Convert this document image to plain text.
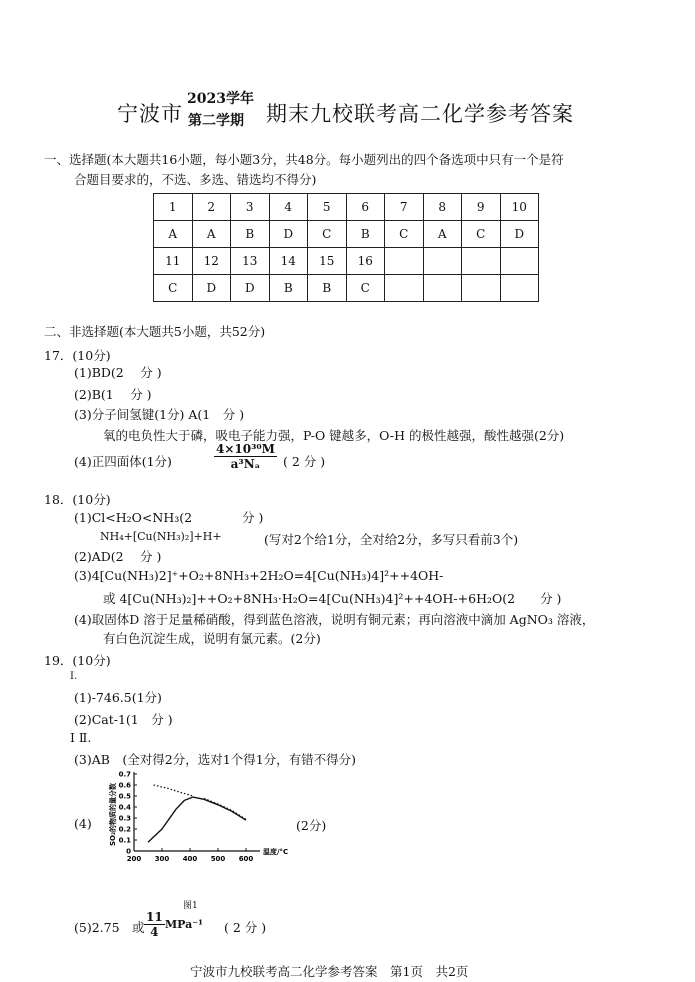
宁波市
2023学年
第二学期 期末九校联考高二化学参考答案
一、选择题(本大题共16小题，每小题3分，共48分。每小题列出的四个备选项中只有一个是符
合题目要求的，不选、多选、错选均不得分)
1	2	3	4	5	6	7	8	9	10
A	A	B	D	C	B	C	A	C	D
11	12	13	14	15	16				
C	D	D	B	B	C				
二、非选择题(本大题共5小题，共52分)
17．(10分)
(1)BD(2　 分 )
(2)B(1　 分 )
(3)分子间氢键(1分) A(1　分 )
氧的电负性大于磷，吸电子能力强，P-O 键越多，O-H 的极性越强，酸性越强(2分)
(4)正四面体(1分)	$\frac{\text{4×10³⁰M}}{\text{a³Nₐ}}$ ( 2 分 )
18．(10分)
(1)Cl<H₂O<NH₃(2　　　　分 )
NH₄+[Cu(NH₃)₂]+H+	(写对2个给1分，全对给2分，多写只看前3个)
(2)AD(2　 分 )
(3)4[Cu(NH₃)2]⁺+O₂+8NH₃+2H₂O=4[Cu(NH₃)4]²++4OH-
或 4[Cu(NH₃)₂]++O₂+8NH₃·H₂O=4[Cu(NH₃)4]²++4OH-+6H₂O(2　　分 )
(4)取固体D 溶于足量稀硝酸，得到蓝色溶液，说明有铜元素；再向溶液中滴加 AgNO₃ 溶液，
有白色沉淀生成，说明有氯元素。(2分)
19．(10分)
I.
(1)-746.5(1分)
(2)Cat-1(1　分 )
I Ⅱ.
(3)AB　(全对得2分，选对1个得1分，有错不得分)
(4)	(2分)
0
0.1
0.2
0.3
0.4
0.5
0.6
0.7
200 300 400 500 600
温度/°C
SO₂的物质的量分数
图1
(5)2.75　或 $\frac{11}{4} MPa^{-1}$ ( 2 分 )
宁波市九校联考高二化学参考答案　第1页　共2页
